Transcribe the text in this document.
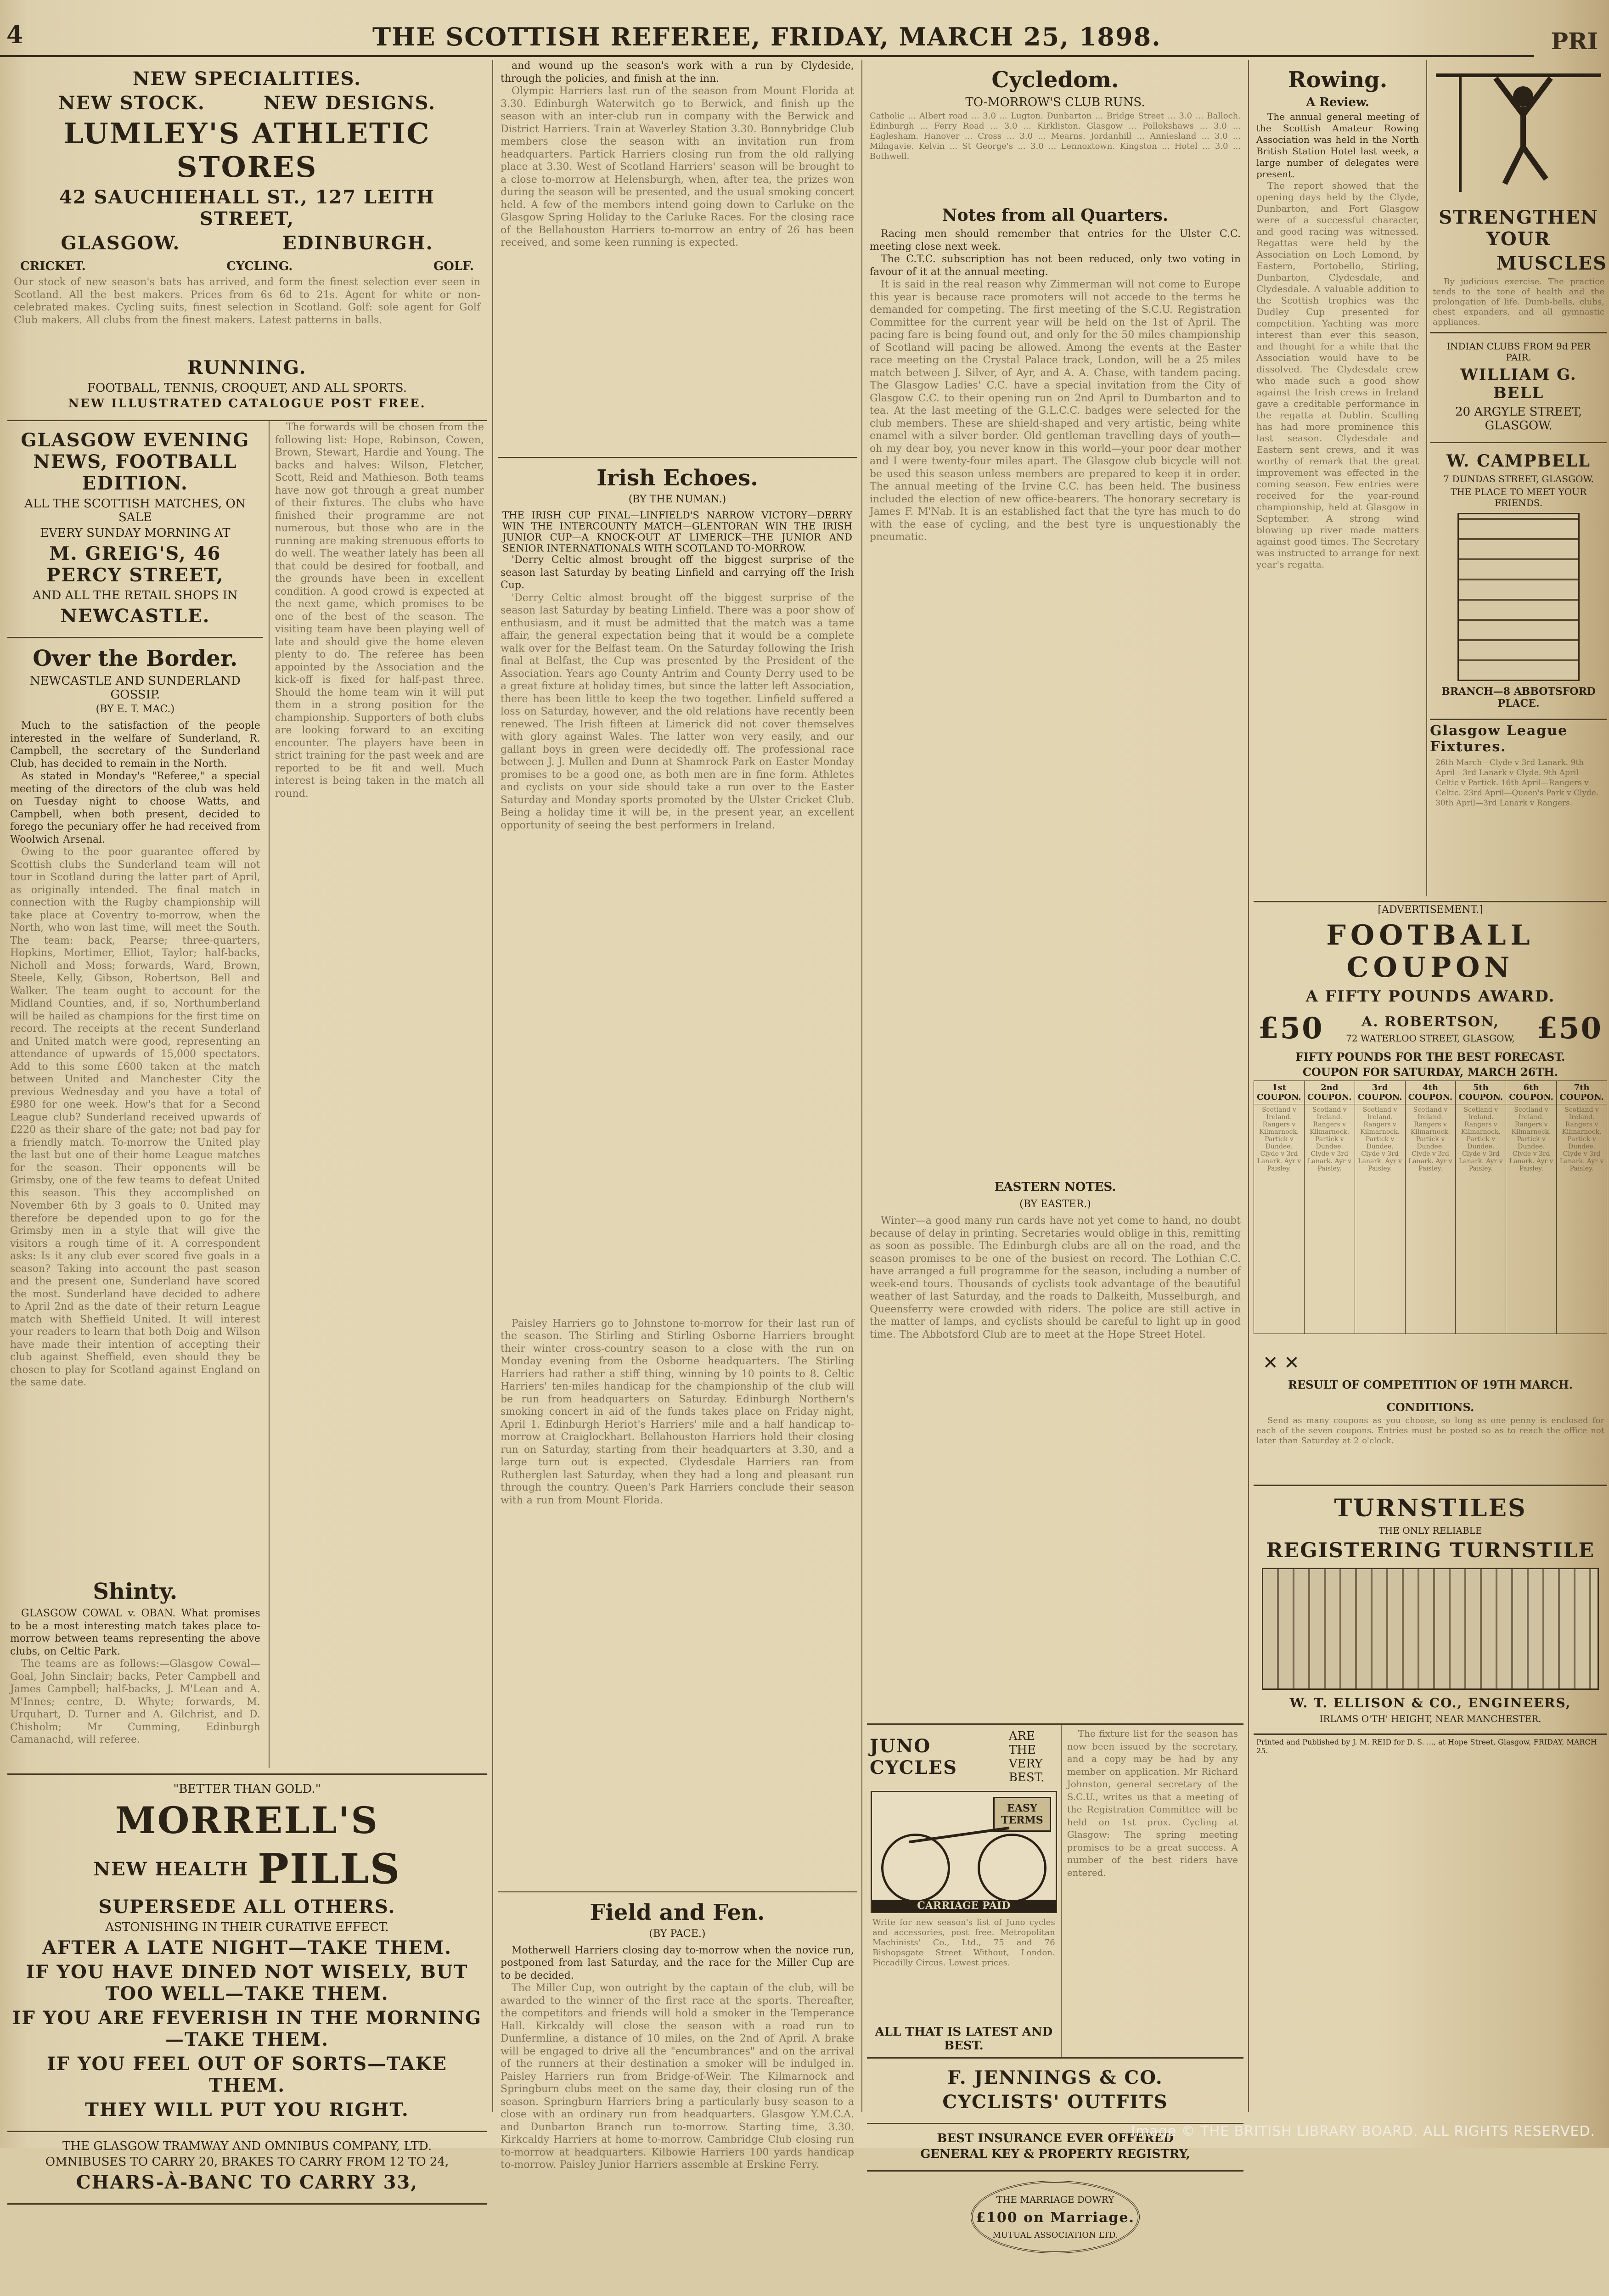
4	THE SCOTTISH REFEREE, FRIDAY, MARCH 25, 1898.	PRI
NEW SPECIALITIES.
NEW STOCK.        NEW DESIGNS.
LUMLEY'S ATHLETIC STORES
42 SAUCHIEHALL ST., 127 LEITH STREET,
GLASGOW.              EDINBURGH.
CRICKET.	CYCLING.	GOLF.
Our stock of new season's bats has arrived, and form the finest selection ever seen in Scotland. All the best makers. Prices from 6s 6d to 21s. Agent for white or non-celebrated makes. Cycling suits, finest selection in Scotland. Golf: sole agent for Golf Club makers. All clubs from the finest makers. Latest patterns in balls.
RUNNING.
FOOTBALL, TENNIS, CROQUET, AND ALL SPORTS.
NEW ILLUSTRATED CATALOGUE POST FREE.
GLASGOW EVENING NEWS, FOOTBALL EDITION.
ALL THE SCOTTISH MATCHES, ON SALE
EVERY SUNDAY MORNING AT
M. GREIG'S, 46 PERCY STREET,
AND ALL THE RETAIL SHOPS IN
NEWCASTLE.
Over the Border.
NEWCASTLE AND SUNDERLAND GOSSIP.
(BY E. T. MAC.)

Much to the satisfaction of the people interested in the welfare of Sunderland, R. Campbell, the secretary of the Sunderland Club, has decided to remain in the North.

As stated in Monday's "Referee," a special meeting of the directors of the club was held on Tuesday night to choose Watts, and Campbell, when both present, decided to forego the pecuniary offer he had received from Woolwich Arsenal.

Owing to the poor guarantee offered by Scottish clubs the Sunderland team will not tour in Scotland during the latter part of April, as originally intended. The final match in connection with the Rugby championship will take place at Coventry to-morrow, when the North, who won last time, will meet the South. The team: back, Pearse; three-quarters, Hopkins, Mortimer, Elliot, Taylor; half-backs, Nicholl and Moss; forwards, Ward, Brown, Steele, Kelly, Gibson, Robertson, Bell and Walker. The team ought to account for the Midland Counties, and, if so, Northumberland will be hailed as champions for the first time on record. The receipts at the recent Sunderland and United match were good, representing an attendance of upwards of 15,000 spectators. Add to this some £600 taken at the match between United and Manchester City the previous Wednesday and you have a total of £980 for one week. How's that for a Second League club? Sunderland received upwards of £220 as their share of the gate; not bad pay for a friendly match. To-morrow the United play the last but one of their home League matches for the season. Their opponents will be Grimsby, one of the few teams to defeat United this season. This they accomplished on November 6th by 3 goals to 0. United may therefore be depended upon to go for the Grimsby men in a style that will give the visitors a rough time of it. A correspondent asks: Is it any club ever scored five goals in a season? Taking into account the past season and the present one, Sunderland have scored the most. Sunderland have decided to adhere to April 2nd as the date of their return League match with Sheffield United. It will interest your readers to learn that both Doig and Wilson have made their intention of accepting their club against Sheffield, even should they be chosen to play for Scotland against England on the same date.

Shinty.

GLASGOW COWAL v. OBAN. What promises to be a most interesting match takes place to-morrow between teams representing the above clubs, on Celtic Park.

The teams are as follows:—Glasgow Cowal—Goal, John Sinclair; backs, Peter Campbell and James Campbell; half-backs, J. M'Lean and A. M'Innes; centre, D. Whyte; forwards, M. Urquhart, D. Turner and A. Gilchrist, and D. Chisholm; Mr Cumming, Edinburgh Camanachd, will referee.

The forwards will be chosen from the following list: Hope, Robinson, Cowen, Brown, Stewart, Hardie and Young. The backs and halves: Wilson, Fletcher, Scott, Reid and Mathieson. Both teams have now got through a great number of their fixtures. The clubs who have finished their programme are not numerous, but those who are in the running are making strenuous efforts to do well. The weather lately has been all that could be desired for football, and the grounds have been in excellent condition. A good crowd is expected at the next game, which promises to be one of the best of the season. The visiting team have been playing well of late and should give the home eleven plenty to do. The referee has been appointed by the Association and the kick-off is fixed for half-past three. Should the home team win it will put them in a strong position for the championship. Supporters of both clubs are looking forward to an exciting encounter. The players have been in strict training for the past week and are reported to be fit and well. Much interest is being taken in the match all round.

"BETTER THAN GOLD."
MORRELL'S
NEW HEALTH PILLS
SUPERSEDE ALL OTHERS.
ASTONISHING IN THEIR CURATIVE EFFECT.
AFTER A LATE NIGHT—TAKE THEM.
IF YOU HAVE DINED NOT WISELY, BUT TOO WELL—TAKE THEM.
IF YOU ARE FEVERISH IN THE MORNING—TAKE THEM.
IF YOU FEEL OUT OF SORTS—TAKE THEM.
THEY WILL PUT YOU RIGHT.
THE GLASGOW TRAMWAY AND OMNIBUS COMPANY, LTD.
OMNIBUSES TO CARRY 20, BRAKES TO CARRY FROM 12 TO 24,
CHARS-À-BANC TO CARRY 33,

and wound up the season's work with a run by Clydeside, through the policies, and finish at the inn.

Olympic Harriers last run of the season from Mount Florida at 3.30. Edinburgh Waterwitch go to Berwick, and finish up the season with an inter-club run in company with the Berwick and District Harriers. Train at Waverley Station 3.30. Bonnybridge Club members close the season with an invitation run from headquarters. Partick Harriers closing run from the old rallying place at 3.30. West of Scotland Harriers' season will be brought to a close to-morrow at Helensburgh, when, after tea, the prizes won during the season will be presented, and the usual smoking concert held. A few of the members intend going down to Carluke on the Glasgow Spring Holiday to the Carluke Races. For the closing race of the Bellahouston Harriers to-morrow an entry of 26 has been received, and some keen running is expected.

Irish Echoes.
(BY THE NUMAN.)
THE IRISH CUP FINAL—LINFIELD'S NARROW VICTORY—DERRY WIN THE INTERCOUNTY MATCH—GLENTORAN WIN THE IRISH JUNIOR CUP—A KNOCK-OUT AT LIMERICK—THE JUNIOR AND SENIOR INTERNATIONALS WITH SCOTLAND TO-MORROW.

'Derry Celtic almost brought off the biggest surprise of the season last Saturday by beating Linfield and carrying off the Irish Cup.

'Derry Celtic almost brought off the biggest surprise of the season last Saturday by beating Linfield. There was a poor show of enthusiasm, and it must be admitted that the match was a tame affair, the general expectation being that it would be a complete walk over for the Belfast team. On the Saturday following the Irish final at Belfast, the Cup was presented by the President of the Association. Years ago County Antrim and County Derry used to be a great fixture at holiday times, but since the latter left Association, there has been little to keep the two together. Linfield suffered a loss on Saturday, however, and the old relations have recently been renewed. The Irish fifteen at Limerick did not cover themselves with glory against Wales. The latter won very easily, and our gallant boys in green were decidedly off. The professional race between J. J. Mullen and Dunn at Shamrock Park on Easter Monday promises to be a good one, as both men are in fine form. Athletes and cyclists on your side should take a run over to the Easter Saturday and Monday sports promoted by the Ulster Cricket Club. Being a holiday time it will be, in the present year, an excellent opportunity of seeing the best performers in Ireland.

Paisley Harriers go to Johnstone to-morrow for their last run of the season. The Stirling and Stirling Osborne Harriers brought their winter cross-country season to a close with the run on Monday evening from the Osborne headquarters. The Stirling Harriers had rather a stiff thing, winning by 10 points to 8. Celtic Harriers' ten-miles handicap for the championship of the club will be run from headquarters on Saturday. Edinburgh Northern's smoking concert in aid of the funds takes place on Friday night, April 1. Edinburgh Heriot's Harriers' mile and a half handicap to-morrow at Craiglockhart. Bellahouston Harriers hold their closing run on Saturday, starting from their headquarters at 3.30, and a large turn out is expected. Clydesdale Harriers ran from Rutherglen last Saturday, when they had a long and pleasant run through the country. Queen's Park Harriers conclude their season with a run from Mount Florida.

Field and Fen.
(BY PACE.)

Motherwell Harriers closing day to-morrow when the novice run, postponed from last Saturday, and the race for the Miller Cup are to be decided.

The Miller Cup, won outright by the captain of the club, will be awarded to the winner of the first race at the sports. Thereafter, the competitors and friends will hold a smoker in the Temperance Hall. Kirkcaldy will close the season with a road run to Dunfermline, a distance of 10 miles, on the 2nd of April. A brake will be engaged to drive all the "encumbrances" and on the arrival of the runners at their destination a smoker will be indulged in. Paisley Harriers run from Bridge-of-Weir. The Kilmarnock and Springburn clubs meet on the same day, their closing run of the season. Springburn Harriers bring a particularly busy season to a close with an ordinary run from headquarters. Glasgow Y.M.C.A. and Dunbarton Branch run to-morrow. Starting time, 3.30. Kirkcaldy Harriers at home to-morrow. Cambridge Club closing run to-morrow at headquarters. Kilbowie Harriers 100 yards handicap to-morrow. Paisley Junior Harriers assemble at Erskine Ferry.

Cycledom.
TO-MORROW'S CLUB RUNS.
Catholic ... Albert road ... 3.0 ... Lugton. Dunbarton ... Bridge Street ... 3.0 ... Balloch. Edinburgh ... Ferry Road ... 3.0 ... Kirkliston. Glasgow ... Pollokshaws ... 3.0 ... Eaglesham. Hanover ... Cross ... 3.0 ... Mearns. Jordanhill ... Anniesland ... 3.0 ... Milngavie. Kelvin ... St George's ... 3.0 ... Lennoxtown. Kingston ... Hotel ... 3.0 ... Bothwell.
Notes from all Quarters.

Racing men should remember that entries for the Ulster C.C. meeting close next week.

The C.T.C. subscription has not been reduced, only two voting in favour of it at the annual meeting.

It is said in the real reason why Zimmerman will not come to Europe this year is because race promoters will not accede to the terms he demanded for competing. The first meeting of the S.C.U. Registration Committee for the current year will be held on the 1st of April. The pacing fare is being found out, and only for the 50 miles championship of Scotland will pacing be allowed. Among the events at the Easter race meeting on the Crystal Palace track, London, will be a 25 miles match between J. Silver, of Ayr, and A. A. Chase, with tandem pacing. The Glasgow Ladies' C.C. have a special invitation from the City of Glasgow C.C. to their opening run on 2nd April to Dumbarton and to tea. At the last meeting of the G.L.C.C. badges were selected for the club members. These are shield-shaped and very artistic, being white enamel with a silver border. Old gentleman travelling days of youth—oh my dear boy, you never know in this world—your poor dear mother and I were twenty-four miles apart. The Glasgow club bicycle will not be used this season unless members are prepared to keep it in order. The annual meeting of the Irvine C.C. has been held. The business included the election of new office-bearers. The honorary secretary is James F. M'Nab. It is an established fact that the tyre has much to do with the ease of cycling, and the best tyre is unquestionably the pneumatic.

EASTERN NOTES.
(BY EASTER.)

Winter—a good many run cards have not yet come to hand, no doubt because of delay in printing. Secretaries would oblige in this, remitting as soon as possible. The Edinburgh clubs are all on the road, and the season promises to be one of the busiest on record. The Lothian C.C. have arranged a full programme for the season, including a number of week-end tours. Thousands of cyclists took advantage of the beautiful weather of last Saturday, and the roads to Dalkeith, Musselburgh, and Queensferry were crowded with riders. The police are still active in the matter of lamps, and cyclists should be careful to light up in good time. The Abbotsford Club are to meet at the Hope Street Hotel.

JUNO CYCLES
ARE THE VERY BEST.
EASY TERMS
CARRIAGE PAID
Write for new season's list of Juno cycles and accessories, post free. Metropolitan Machinists' Co., Ltd., 75 and 76 Bishopsgate Street Without, London. Piccadilly Circus. Lowest prices.
ALL THAT IS LATEST AND BEST.

The fixture list for the season has now been issued by the secretary, and a copy may be had by any member on application. Mr Richard Johnston, general secretary of the S.C.U., writes us that a meeting of the Registration Committee will be held on 1st prox. Cycling at Glasgow: The spring meeting promises to be a great success. A number of the best riders have entered.

F. JENNINGS & CO.
CYCLISTS' OUTFITS
BEST INSURANCE EVER OFFERED
GENERAL KEY & PROPERTY REGISTRY,
THE MARRIAGE DOWRY
£100 on Marriage.
MUTUAL ASSOCIATION LTD.
Rowing.
A Review.

The annual general meeting of the Scottish Amateur Rowing Association was held in the North British Station Hotel last week, a large number of delegates were present.

The report showed that the opening days held by the Clyde, Dunbarton, and Fort Glasgow were of a successful character, and good racing was witnessed. Regattas were held by the Association on Loch Lomond, by Eastern, Portobello, Stirling, Dunbarton, Clydesdale, and Clydesdale. A valuable addition to the Scottish trophies was the Dudley Cup presented for competition. Yachting was more interest than ever this season, and thought for a while that the Association would have to be dissolved. The Clydesdale crew who made such a good show against the Irish crews in Ireland gave a creditable performance in the regatta at Dublin. Sculling has had more prominence this last season. Clydesdale and Eastern sent crews, and it was worthy of remark that the great improvement was effected in the coming season. Few entries were received for the year-round championship, held at Glasgow in September. A strong wind blowing up river made matters against good times. The Secretary was instructed to arrange for next year's regatta.

STRENGTHEN YOUR
MUSCLES
By judicious exercise. The practice tends to the tone of health and the prolongation of life. Dumb-bells, clubs, chest expanders, and all gymnastic appliances.
INDIAN CLUBS FROM 9d PER PAIR.
WILLIAM G. BELL
20 ARGYLE STREET, GLASGOW.
W. CAMPBELL
7 DUNDAS STREET, GLASGOW.
THE PLACE TO MEET YOUR FRIENDS.
BRANCH—8 ABBOTSFORD PLACE.
Glasgow League Fixtures.
26th March—Clyde v 3rd Lanark. 9th April—3rd Lanark v Clyde. 9th April—Celtic v Partick. 16th April—Rangers v Celtic. 23rd April—Queen's Park v Clyde. 30th April—3rd Lanark v Rangers.
[ADVERTISEMENT.]
FOOTBALL COUPON
A FIFTY POUNDS AWARD.
£50	A. ROBERTSON,
72 WATERLOO STREET, GLASGOW, £50
FIFTY POUNDS FOR THE BEST FORECAST.
COUPON FOR SATURDAY, MARCH 26TH.
1st COUPON.	2nd COUPON.	3rd COUPON.	4th COUPON.	5th COUPON.	6th COUPON.	7th COUPON.
Scotland v Ireland. Rangers v Kilmarnock. Partick v Dundee. Clyde v 3rd Lanark. Ayr v Paisley.	Scotland v Ireland. Rangers v Kilmarnock. Partick v Dundee. Clyde v 3rd Lanark. Ayr v Paisley.	Scotland v Ireland. Rangers v Kilmarnock. Partick v Dundee. Clyde v 3rd Lanark. Ayr v Paisley.	Scotland v Ireland. Rangers v Kilmarnock. Partick v Dundee. Clyde v 3rd Lanark. Ayr v Paisley.	Scotland v Ireland. Rangers v Kilmarnock. Partick v Dundee. Clyde v 3rd Lanark. Ayr v Paisley.	Scotland v Ireland. Rangers v Kilmarnock. Partick v Dundee. Clyde v 3rd Lanark. Ayr v Paisley.	Scotland v Ireland. Rangers v Kilmarnock. Partick v Dundee. Clyde v 3rd Lanark. Ayr v Paisley.
✕ ✕
RESULT OF COMPETITION OF 19TH MARCH.
CONDITIONS.

Send as many coupons as you choose, so long as one penny is enclosed for each of the seven coupons. Entries must be posted so as to reach the office not later than Saturday at 2 o'clock.

TURNSTILES
THE ONLY RELIABLE
REGISTERING TURNSTILE
W. T. ELLISON & CO., ENGINEERS,
IRLAMS O'TH' HEIGHT, NEAR MANCHESTER.
Printed and Published by J. M. REID for D. S. ..., at Hope Street, Glasgow, FRIDAY, MARCH 25.
Image © THE BRITISH LIBRARY BOARD. ALL RIGHTS RESERVED.
